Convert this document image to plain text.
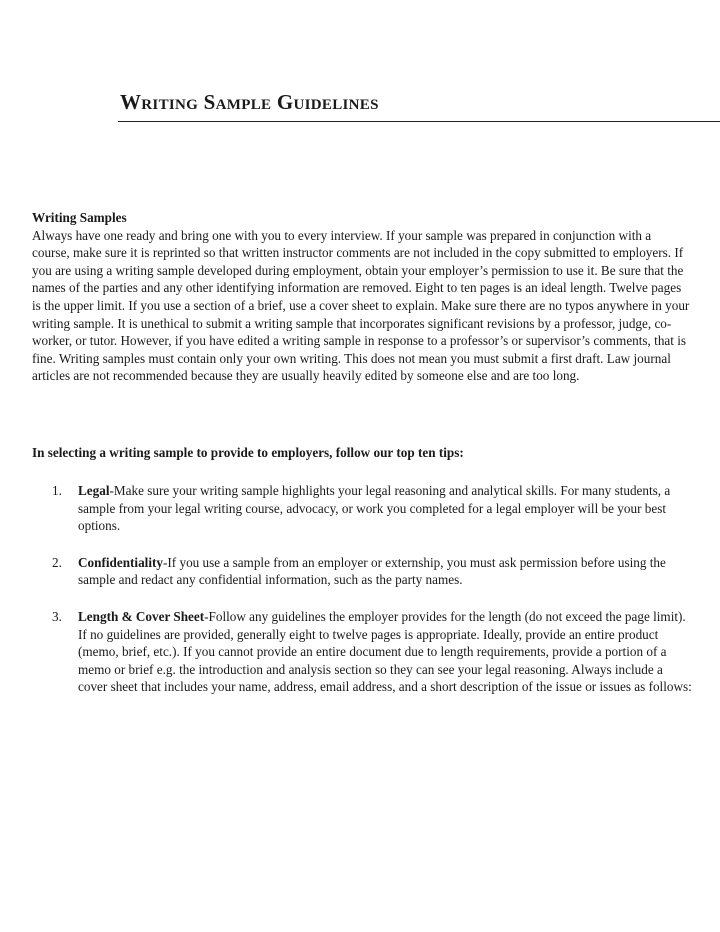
Writing Sample Guidelines

Writing Samples

Always have one ready and bring one with you to every interview. If your sample was prepared in conjunction with a course, make sure it is reprinted so that written instructor comments are not included in the copy submitted to employers. If you are using a writing sample developed during employment, obtain your employer’s permission to use it. Be sure that the names of the parties and any other identifying information are removed. Eight to ten pages is an ideal length. Twelve pages is the upper limit. If you use a section of a brief, use a cover sheet to explain. Make sure there are no typos anywhere in your writing sample. It is unethical to submit a writing sample that incorporates significant revisions by a professor, judge, co-worker, or tutor. However, if you have edited a writing sample in response to a professor’s or supervisor’s comments, that is fine. Writing samples must contain only your own writing. This does not mean you must submit a first draft. Law journal articles are not recommended because they are usually heavily edited by someone else and are too long.

In selecting a writing sample to provide to employers, follow our top ten tips:

1.	Legal-Make sure your writing sample highlights your legal reasoning and analytical skills. For many students, a sample from your legal writing course, advocacy, or work you completed for a legal employer will be your best options.
2.	Confidentiality-If you use a sample from an employer or externship, you must ask permission before using the sample and redact any confidential information, such as the party names.
3.	Length & Cover Sheet-Follow any guidelines the employer provides for the length (do not exceed the page limit). If no guidelines are provided, generally eight to twelve pages is appropriate. Ideally, provide an entire product (memo, brief, etc.). If you cannot provide an entire document due to length requirements, provide a portion of a memo or brief e.g. the introduction and analysis section so they can see your legal reasoning. Always include a cover sheet that includes your name, address, email address, and a short description of the issue or issues as follows:
